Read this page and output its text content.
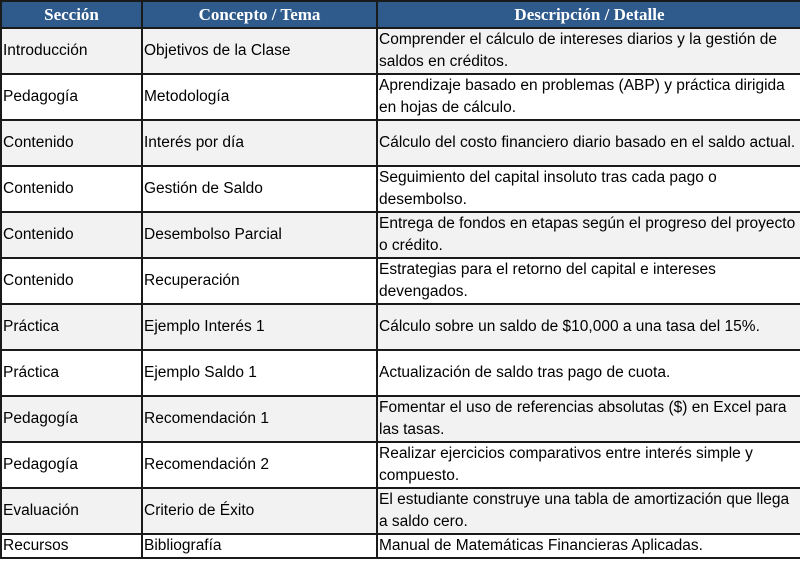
Sección	Concepto / Tema	Descripción / Detalle
Introducción	Objetivos de la Clase	Comprender el cálculo de intereses diarios y la gestión de saldos en créditos.
Pedagogía	Metodología	Aprendizaje basado en problemas (ABP) y práctica dirigida en hojas de cálculo.
Contenido	Interés por día	Cálculo del costo financiero diario basado en el saldo actual.
Contenido	Gestión de Saldo	Seguimiento del capital insoluto tras cada pago o desembolso.
Contenido	Desembolso Parcial	Entrega de fondos en etapas según el progreso del proyecto o crédito.
Contenido	Recuperación	Estrategias para el retorno del capital e intereses devengados.
Práctica	Ejemplo Interés 1	Cálculo sobre un saldo de $10,000 a una tasa del 15%.
Práctica	Ejemplo Saldo 1	Actualización de saldo tras pago de cuota.
Pedagogía	Recomendación 1	Fomentar el uso de referencias absolutas ($) en Excel para las tasas.
Pedagogía	Recomendación 2	Realizar ejercicios comparativos entre interés simple y compuesto.
Evaluación	Criterio de Éxito	El estudiante construye una tabla de amortización que llega a saldo cero.
Recursos	Bibliografía	Manual de Matemáticas Financieras Aplicadas.
